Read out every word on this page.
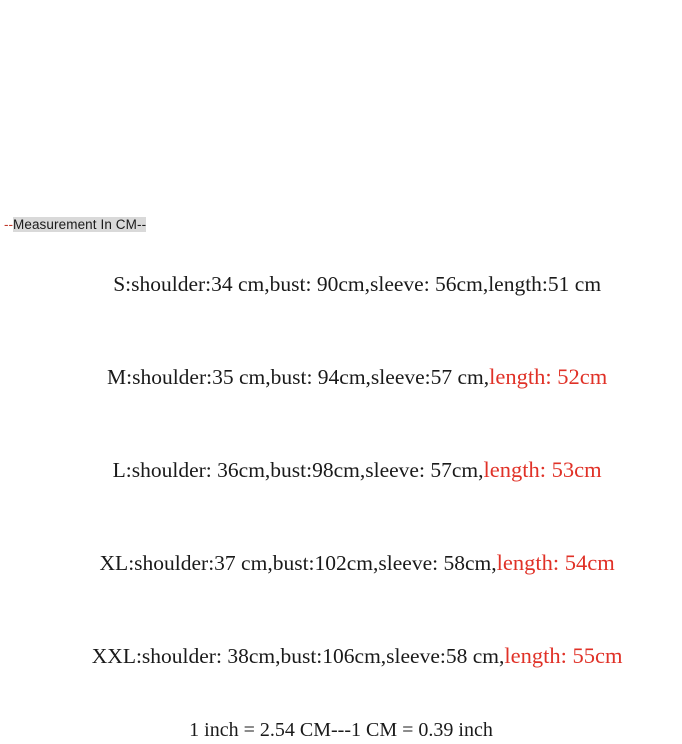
--Measurement In CM--

S:shoulder:34 cm,bust: 90cm,sleeve: 56cm,length:51 cm

M:shoulder:35 cm,bust: 94cm,sleeve:57 cm,length: 52cm

L:shoulder: 36cm,bust:98cm,sleeve: 57cm,length: 53cm

XL:shoulder:37 cm,bust:102cm,sleeve: 58cm,length: 54cm

XXL:shoulder: 38cm,bust:106cm,sleeve:58 cm,length: 55cm

1 inch = 2.54 CM---1 CM = 0.39 inch
